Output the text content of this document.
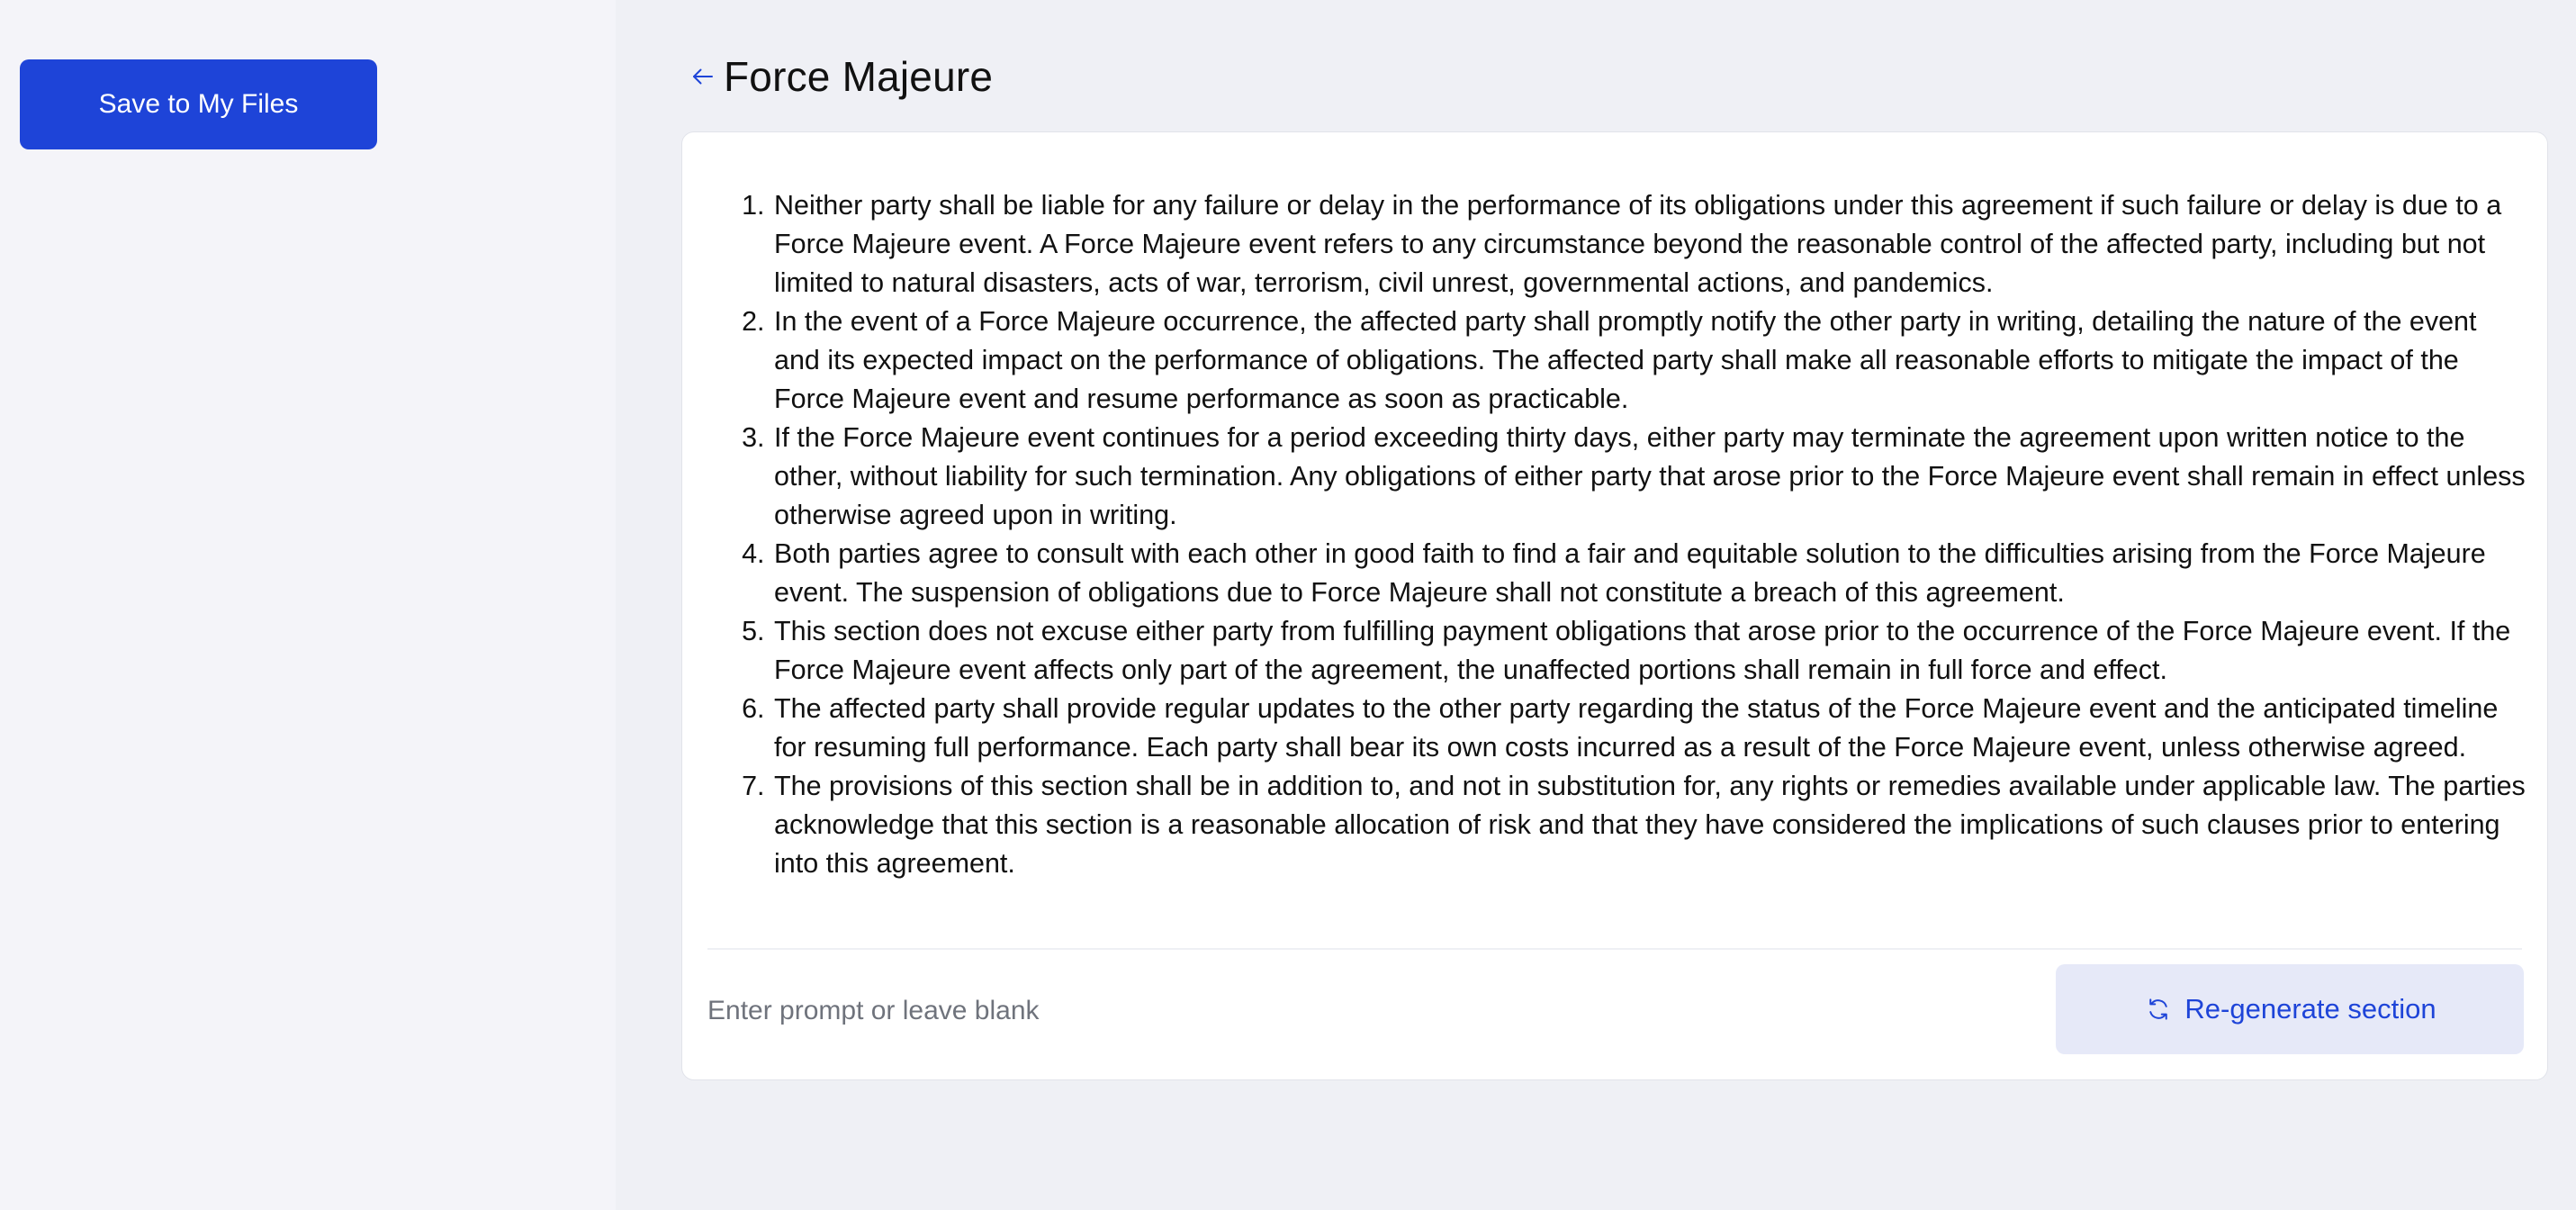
Save to My Files
Force Majeure
1. Neither party shall be liable for any failure or delay in the performance of its obligations under this agreement if such failure or delay is due to a Force Majeure event. A Force Majeure event refers to any circumstance beyond the reasonable control of the affected party, including but not limited to natural disasters, acts of war, terrorism, civil unrest, governmental actions, and pandemics.
2. In the event of a Force Majeure occurrence, the affected party shall promptly notify the other party in writing, detailing the nature of the event and its expected impact on the performance of obligations. The affected party shall make all reasonable efforts to mitigate the impact of the Force Majeure event and resume performance as soon as practicable.
3. If the Force Majeure event continues for a period exceeding thirty days, either party may terminate the agreement upon written notice to the other, without liability for such termination. Any obligations of either party that arose prior to the Force Majeure event shall remain in effect unless otherwise agreed upon in writing.
4. Both parties agree to consult with each other in good faith to find a fair and equitable solution to the difficulties arising from the Force Majeure event. The suspension of obligations due to Force Majeure shall not constitute a breach of this agreement.
5. This section does not excuse either party from fulfilling payment obligations that arose prior to the occurrence of the Force Majeure event. If the Force Majeure event affects only part of the agreement, the unaffected portions shall remain in full force and effect.
6. The affected party shall provide regular updates to the other party regarding the status of the Force Majeure event and the anticipated timeline for resuming full performance. Each party shall bear its own costs incurred as a result of the Force Majeure event, unless otherwise agreed.
7. The provisions of this section shall be in addition to, and not in substitution for, any rights or remedies available under applicable law. The parties acknowledge that this section is a reasonable allocation of risk and that they have considered the implications of such clauses prior to entering into this agreement.
Enter prompt or leave blank
Re-generate section
